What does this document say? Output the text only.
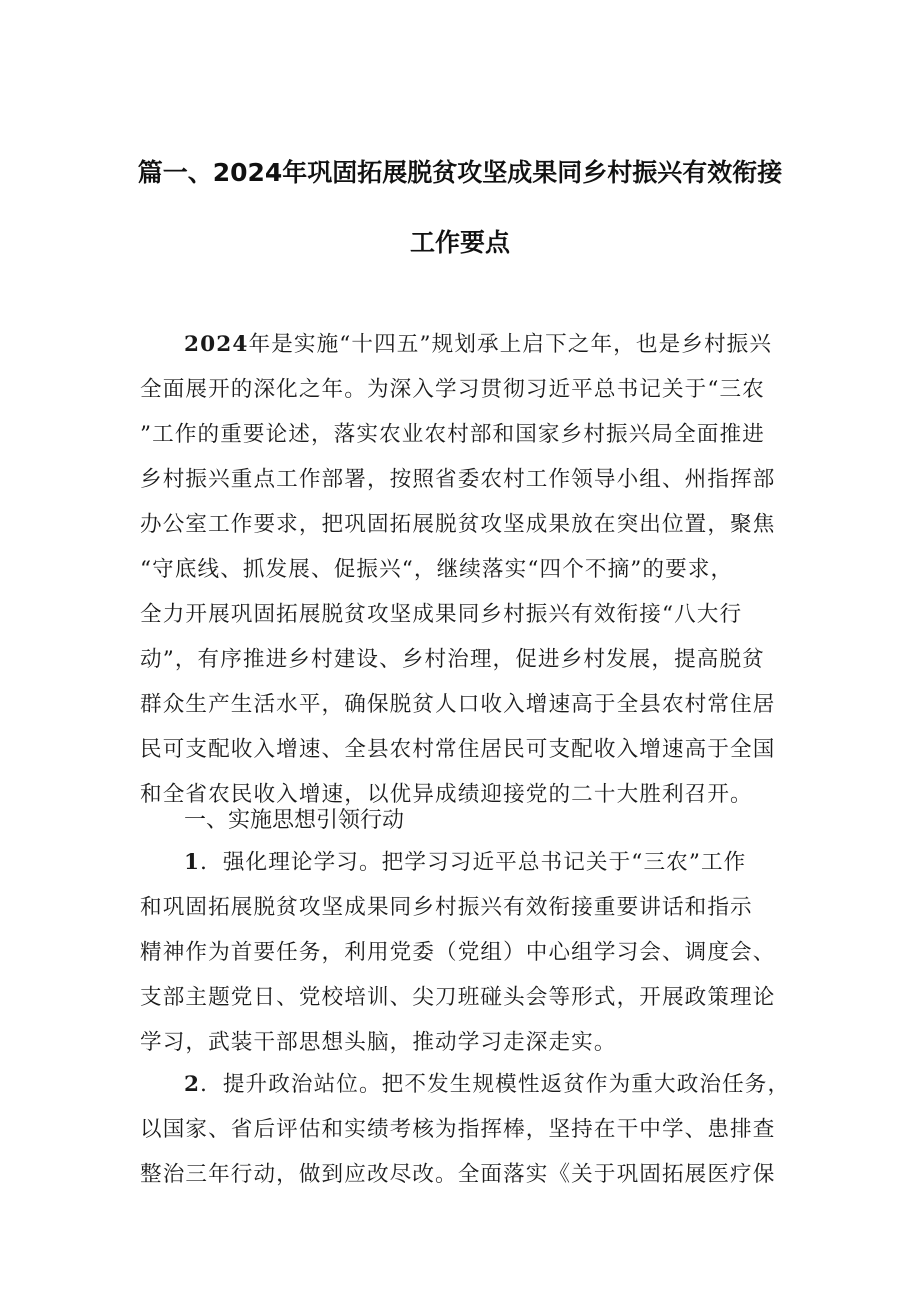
篇一、2024年巩固拓展脱贫攻坚成果同乡村振兴有效衔接
工作要点
2024年是实施“十四五”规划承上启下之年，也是乡村振兴
全面展开的深化之年。为深入学习贯彻习近平总书记关于“三农
”工作的重要论述，落实农业农村部和国家乡村振兴局全面推进
乡村振兴重点工作部署，按照省委农村工作领导小组、州指挥部
办公室工作要求，把巩固拓展脱贫攻坚成果放在突出位置，聚焦
“守底线、抓发展、促振兴“，继续落实“四个不摘”的要求，
全力开展巩固拓展脱贫攻坚成果同乡村振兴有效衔接“八大行
动”，有序推进乡村建设、乡村治理，促进乡村发展，提高脱贫
群众生产生活水平，确保脱贫人口收入增速高于全县农村常住居
民可支配收入增速、全县农村常住居民可支配收入增速高于全国
和全省农民收入增速，以优异成绩迎接党的二十大胜利召开。
一、实施思想引领行动
1．强化理论学习。把学习习近平总书记关于“三农”工作
和巩固拓展脱贫攻坚成果同乡村振兴有效衔接重要讲话和指示
精神作为首要任务，利用党委（党组）中心组学习会、调度会、
支部主题党日、党校培训、尖刀班碰头会等形式，开展政策理论
学习，武装干部思想头脑，推动学习走深走实。
2．提升政治站位。把不发生规模性返贫作为重大政治任务，
以国家、省后评估和实绩考核为指挥棒，坚持在干中学、患排查
整治三年行动，做到应改尽改。全面落实《关于巩固拓展医疗保
